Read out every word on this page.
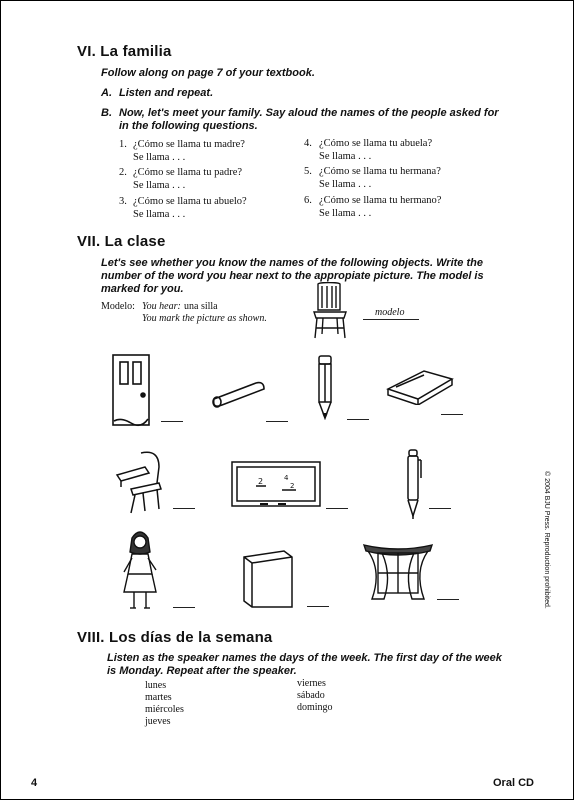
VI. La familia
Follow along on page 7 of your textbook.
A. Listen and repeat.
B. Now, let's meet your family. Say aloud the names of the people asked for
in the following questions.
1. ¿Cómo se llama tu madre?
Se llama . . .
2. ¿Cómo se llama tu padre?
Se llama . . .
3. ¿Cómo se llama tu abuelo?
Se llama . . .
4. ¿Cómo se llama tu abuela?
Se llama . . .
5. ¿Cómo se llama tu hermana?
Se llama . . .
6. ¿Cómo se llama tu hermano?
Se llama . . .
VII. La clase
Let's see whether you know the names of the following objects. Write the
number of the word you hear next to the appropiate picture. The model is
marked for you.
Modelo: You hear: una silla
You mark the picture as shown.
modelo
2	4
2
VIII. Los días de la semana
Listen as the speaker names the days of the week. The first day of the week
is Monday. Repeat after the speaker.
lunes
martes
miércoles
jueves
viernes
sábado
domingo
4	Oral CD
© 2004 BJU Press. Reproduction prohibited.
